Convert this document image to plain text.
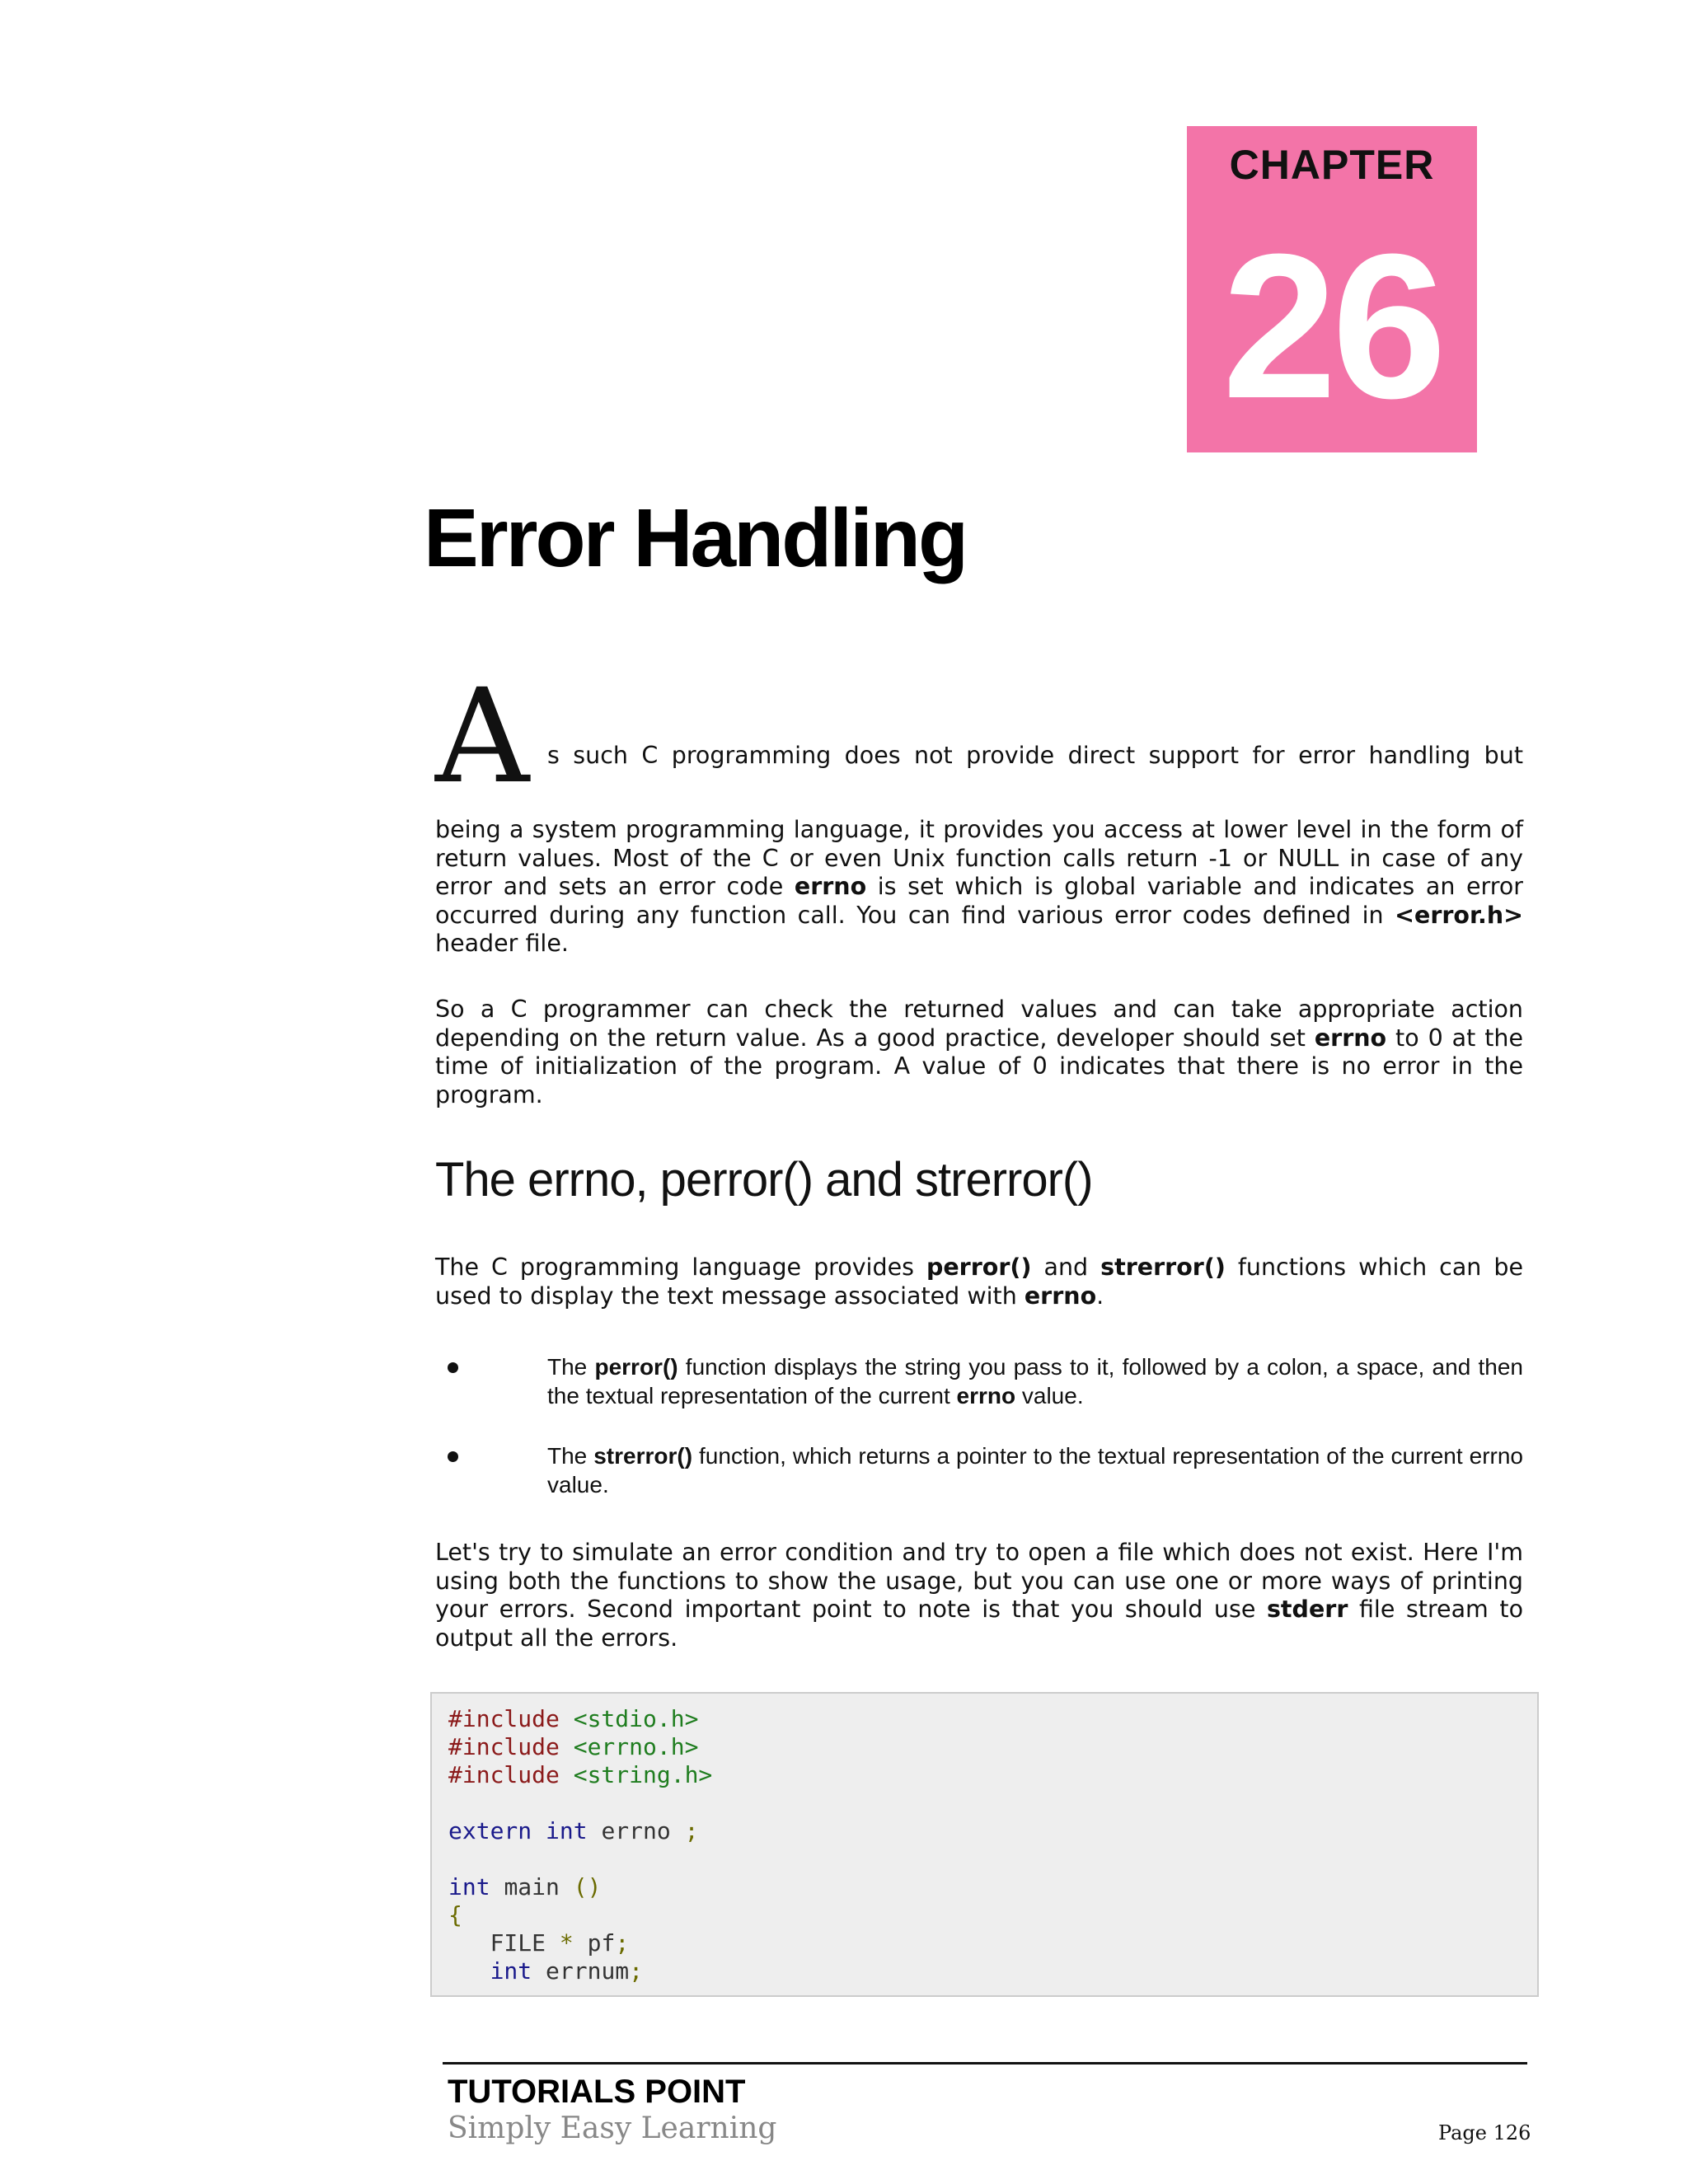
CHAPTER
26
Error Handling
A s such C programming does not provide direct support for error handling but

being a system programming language, it provides you access at lower level in the form of return values. Most of the C or even Unix function calls return -1 or NULL in case of any error and sets an error code errno is set which is global variable and indicates an error occurred during any function call. You can find various error codes defined in <error.h> header file.

So a C programmer can check the returned values and can take appropriate action depending on the return value. As a good practice, developer should set errno to 0 at the time of initialization of the program. A value of 0 indicates that there is no error in the program.

The errno, perror() and strerror()

The C programming language provides perror() and strerror() functions which can be used to display the text message associated with errno.

The perror() function displays the string you pass to it, followed by a colon, a space, and then the textual representation of the current errno value.
The strerror() function, which returns a pointer to the textual representation of the current errno value.

Let's try to simulate an error condition and try to open a file which does not exist. Here I'm using both the functions to show the usage, but you can use one or more ways of printing your errors. Second important point to note is that you should use stderr file stream to output all the errors.

#include <stdio.h>
#include <errno.h>
#include <string.h>

extern int errno ;

int main ()
{
FILE * pf;
int errnum;
TUTORIALS POINT
Simply Easy Learning	Page 126
